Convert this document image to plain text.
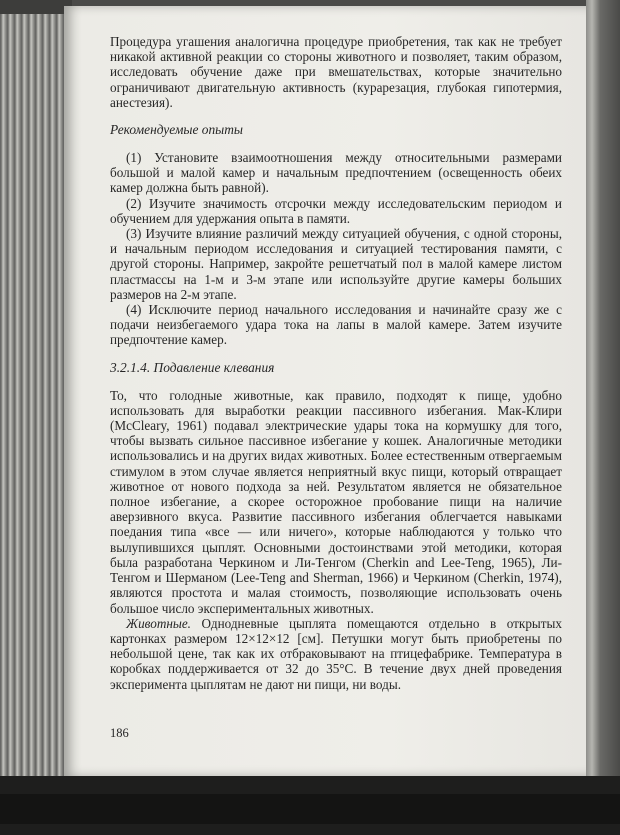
Процедура угашения аналогична процедуре приобретения, так как не требует никакой активной реакции со стороны животного и позволяет, таким образом, исследовать обучение даже при вмешательствах, которые значительно ограничивают двигательную активность (курарезация, глубокая гипотермия, анестезия).

Рекомендуемые опыты

(1) Установите взаимоотношения между относительными размерами большой и малой камер и начальным предпочтением (освещенность обеих камер должна быть равной).

(2) Изучите значимость отсрочки между исследовательским периодом и обучением для удержания опыта в памяти.

(3) Изучите влияние различий между ситуацией обучения, с одной стороны, и начальным периодом исследования и ситуацией тестирования памяти, с другой стороны. Например, закройте решетчатый пол в малой камере листом пластмассы на 1-м и 3-м этапе или используйте другие камеры больших размеров на 2-м этапе.

(4) Исключите период начального исследования и начинайте сразу же с подачи неизбегаемого удара тока на лапы в малой камере. Затем изучите предпочтение камер.

3.2.1.4. Подавление клевания

То, что голодные животные, как правило, подходят к пище, удобно использовать для выработки реакции пассивного избегания. Мак-Клири (McCleary, 1961) подавал электрические удары тока на кормушку для того, чтобы вызвать сильное пассивное избегание у кошек. Аналогичные методики использовались и на других видах животных. Более естественным отвергаемым стимулом в этом случае является неприятный вкус пищи, который отвращает животное от нового подхода за ней. Результатом является не обязательное полное избегание, а скорее осторожное пробование пищи на наличие аверзивного вкуса. Развитие пассивного избегания облегчается навыками поедания типа «все — или ничего», которые наблюдаются у только что вылупившихся цыплят. Основными достоинствами этой методики, которая была разработана Черкином и Ли-Тенгом (Cherkin and Lee-Teng, 1965), Ли-Тенгом и Шерманом (Lee-Teng and Sherman, 1966) и Черкином (Cherkin, 1974), являются простота и малая стоимость, позволяющие использовать очень большое число экспериментальных животных.

Животные. Однодневные цыплята помещаются отдельно в открытых картонках размером 12×12×12 [см]. Петушки могут быть приобретены по небольшой цене, так как их отбраковывают на птицефабрике. Температура в коробках поддерживается от 32 до 35°С. В течение двух дней проведения эксперимента цыплятам не дают ни пищи, ни воды.

186
